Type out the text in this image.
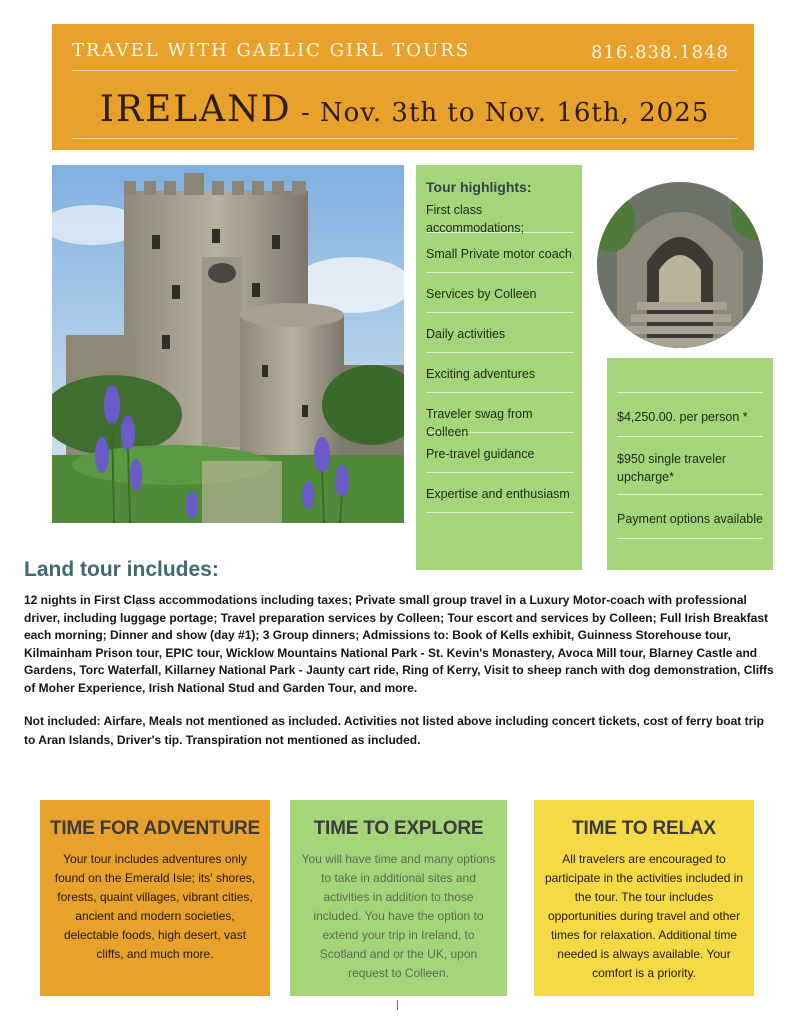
TRAVEL WITH GAELIC GIRL TOURS	816.838.1848
IRELAND - Nov. 3th to Nov. 16th, 2025
Tour highlights:
First class accommodations;
Small Private motor coach
Services by Colleen
Daily activities
Exciting adventures
Traveler swag from Colleen
Pre-travel guidance
Expertise and enthusiasm
$4,250.00. per person *
$950 single traveler upcharge*
Payment options available
Land tour includes:
12 nights in First Class accommodations including taxes; Private small group travel in a Luxury Motor-coach with professional driver, including luggage portage; Travel preparation services by Colleen; Tour escort and services by Colleen; Full Irish Breakfast each morning; Dinner and show (day #1); 3 Group dinners; Admissions to: Book of Kells exhibit, Guinness Storehouse tour, Kilmainham Prison tour, EPIC tour, Wicklow Mountains National Park - St. Kevin's Monastery, Avoca Mill tour, Blarney Castle and Gardens, Torc Waterfall, Killarney National Park - Jaunty cart ride, Ring of Kerry, Visit to sheep ranch with dog demonstration, Cliffs of Moher Experience, Irish National Stud and Garden Tour, and more.
Not included: Airfare, Meals not mentioned as included. Activities not listed above including concert tickets, cost of ferry boat trip to Aran Islands, Driver's tip. Transpiration not mentioned as included.
TIME FOR ADVENTURE
Your tour includes adventures only found on the Emerald Isle; its' shores, forests, quaint villages, vibrant cities, ancient and modern societies, delectable foods, high desert, vast cliffs, and much more.
TIME TO EXPLORE
You will have time and many options to take in additional sites and activities in addition to those included. You have the option to extend your trip in Ireland, to Scotland and or the UK, upon request to Colleen.
TIME TO RELAX
All travelers are encouraged to participate in the activities included in the tour. The tour includes opportunities during travel and other times for relaxation. Additional time needed is always available. Your comfort is a priority.
